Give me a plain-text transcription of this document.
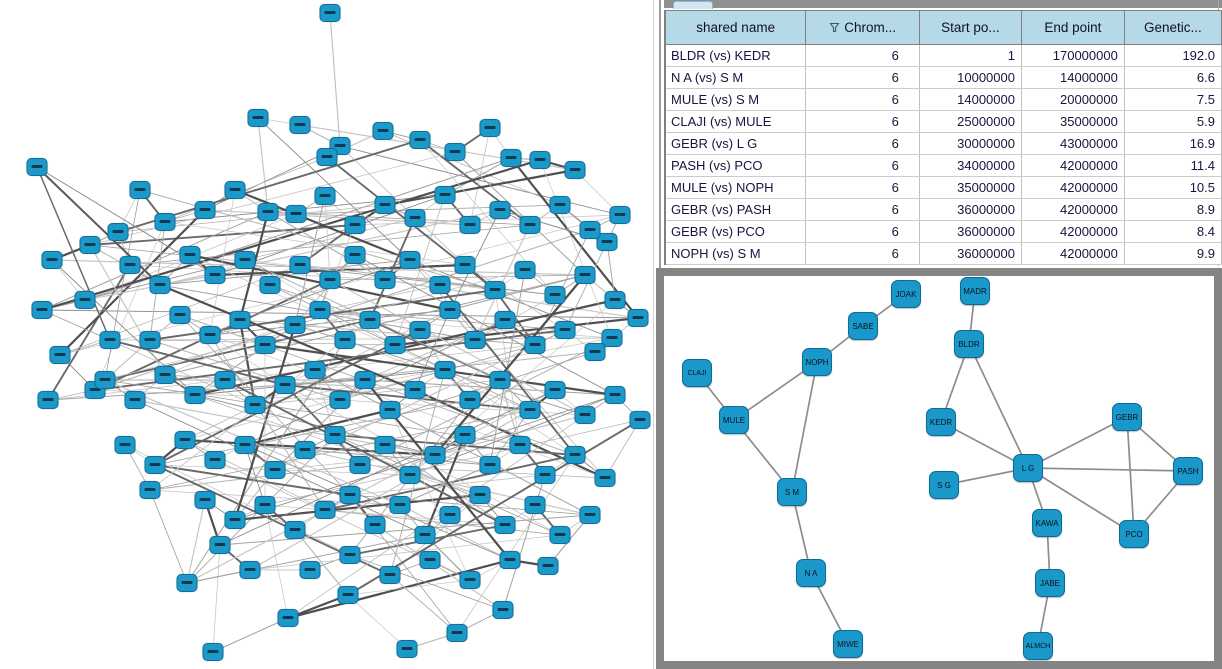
shared name	Chrom...	Start po...	End point	Genetic...
BLDR (vs) KEDR	6	1	170000000	192.0
N A (vs) S M	6	10000000	14000000	6.6
MULE (vs) S M	6	14000000	20000000	7.5
CLAJI (vs) MULE	6	25000000	35000000	5.9
GEBR (vs) L G	6	30000000	43000000	16.9
PASH (vs) PCO	6	34000000	42000000	11.4
MULE (vs) NOPH	6	35000000	42000000	10.5
GEBR (vs) PASH	6	36000000	42000000	8.9
GEBR (vs) PCO	6	36000000	42000000	8.4
NOPH (vs) S M	6	36000000	42000000	9.9
JOAK	MADR
SABE
BLDR
NOPH
CLAJI
MULE	KEDR
GEBR
L G
S G
PASH
S M
KAWA
PCO
N A
JABE
ALMCH
MIWE
